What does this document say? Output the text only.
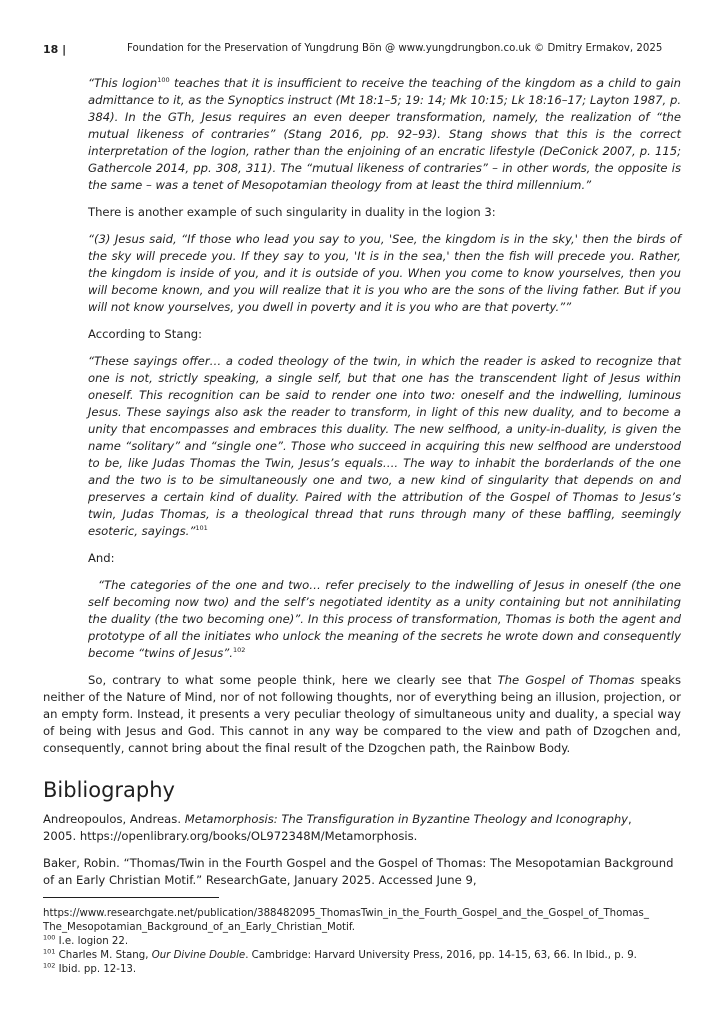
18 |	Foundation for the Preservation of Yungdrung Bön @ www.yungdrungbon.co.uk © Dmitry Ermakov, 2025

“This logion$^{100}$ teaches that it is insufficient to receive the teaching of the kingdom as a child to gain admittance to it, as the Synoptics instruct (Mt 18:1–5; 19: 14; Mk 10:15; Lk 18:16–17; Layton 1987, p. 384). In the GTh, Jesus requires an even deeper transformation, namely, the realization of “the mutual likeness of contraries” (Stang 2016, pp. 92–93). Stang shows that this is the correct interpretation of the logion, rather than the enjoining of an encratic lifestyle (DeConick 2007, p. 115; Gathercole 2014, pp. 308, 311). The “mutual likeness of contraries” – in other words, the opposite is the same – was a tenet of Mesopotamian theology from at least the third millennium.”

There is another example of such singularity in duality in the logion 3:

“(3) Jesus said, “If those who lead you say to you, 'See, the kingdom is in the sky,' then the birds of the sky will precede you. If they say to you, 'It is in the sea,' then the fish will precede you. Rather, the kingdom is inside of you, and it is outside of you. When you come to know yourselves, then you will become known, and you will realize that it is you who are the sons of the living father. But if you will not know yourselves, you dwell in poverty and it is you who are that poverty.””

According to Stang:

“These sayings offer… a coded theology of the twin, in which the reader is asked to recognize that one is not, strictly speaking, a single self, but that one has the transcendent light of Jesus within oneself. This recognition can be said to render one into two: oneself and the indwelling, luminous Jesus. These sayings also ask the reader to transform, in light of this new duality, and to become a unity that encompasses and embraces this duality. The new selfhood, a unity-in-duality, is given the name “solitary” and “single one”. Those who succeed in acquiring this new selfhood are understood to be, like Judas Thomas the Twin, Jesus’s equals…. The way to inhabit the borderlands of the one and the two is to be simultaneously one and two, a new kind of singularity that depends on and preserves a certain kind of duality. Paired with the attribution of the Gospel of Thomas to Jesus’s twin, Judas Thomas, is a theological thread that runs through many of these baffling, seemingly esoteric, sayings.”$^{101}$

And:

“The categories of the one and two… refer precisely to the indwelling of Jesus in oneself (the one self becoming now two) and the self’s negotiated identity as a unity containing but not annihilating the duality (the two becoming one)”. In this process of transformation, Thomas is both the agent and prototype of all the initiates who unlock the meaning of the secrets he wrote down and consequently become “twins of Jesus”.$^{102}$

So, contrary to what some people think, here we clearly see that The Gospel of Thomas speaks neither of the Nature of Mind, nor of not following thoughts, nor of everything being an illusion, projection, or an empty form. Instead, it presents a very peculiar theology of simultaneous unity and duality, a special way of being with Jesus and God. This cannot in any way be compared to the view and path of Dzogchen and, consequently, cannot bring about the final result of the Dzogchen path, the Rainbow Body.

Bibliography

Andreopoulos, Andreas. Metamorphosis: The Transfiguration in Byzantine Theology and Iconography,
2005. https://openlibrary.org/books/OL972348M/Metamorphosis.

Baker, Robin. “Thomas/Twin in the Fourth Gospel and the Gospel of Thomas: The Mesopotamian Background of an Early Christian Motif.” ResearchGate, January 2025. Accessed June 9,

https://www.researchgate.net/publication/388482095_ThomasTwin_in_the_Fourth_Gospel_and_the_Gospel_of_Thomas_
The_Mesopotamian_Background_of_an_Early_Christian_Motif.

$^{100}$ I.e. logion 22.

$^{101}$ Charles M. Stang, Our Divine Double. Cambridge: Harvard University Press, 2016, pp. 14-15, 63, 66. In Ibid., p. 9.

$^{102}$ Ibid. pp. 12-13.
